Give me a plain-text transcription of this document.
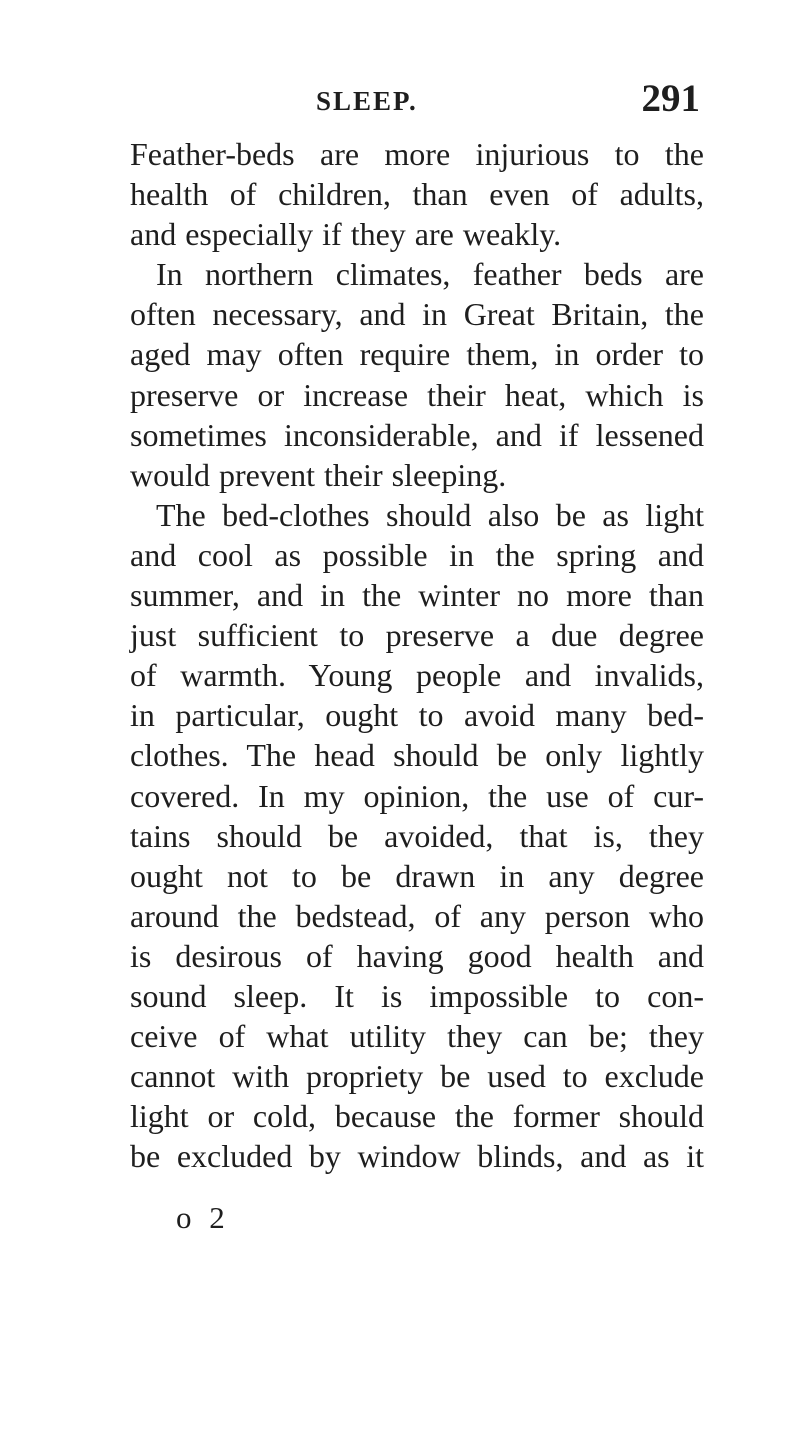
SLEEP.	291
Feather-beds are more injurious to the
health of children, than even of adults,
and especially if they are weakly.
In northern climates, feather beds are
often necessary, and in Great Britain, the
aged may often require them, in order to
preserve or increase their heat, which is
sometimes inconsiderable, and if lessened
would prevent their sleeping.
The bed-clothes should also be as light
and cool as possible in the spring and
summer, and in the winter no more than
just sufficient to preserve a due degree
of warmth. Young people and invalids,
in particular, ought to avoid many bed-
clothes. The head should be only lightly
covered. In my opinion, the use of cur-
tains should be avoided, that is, they
ought not to be drawn in any degree
around the bedstead, of any person who
is desirous of having good health and
sound sleep. It is impossible to con-
ceive of what utility they can be; they
cannot with propriety be used to exclude
light or cold, because the former should
be excluded by window blinds, and as it
o 2
